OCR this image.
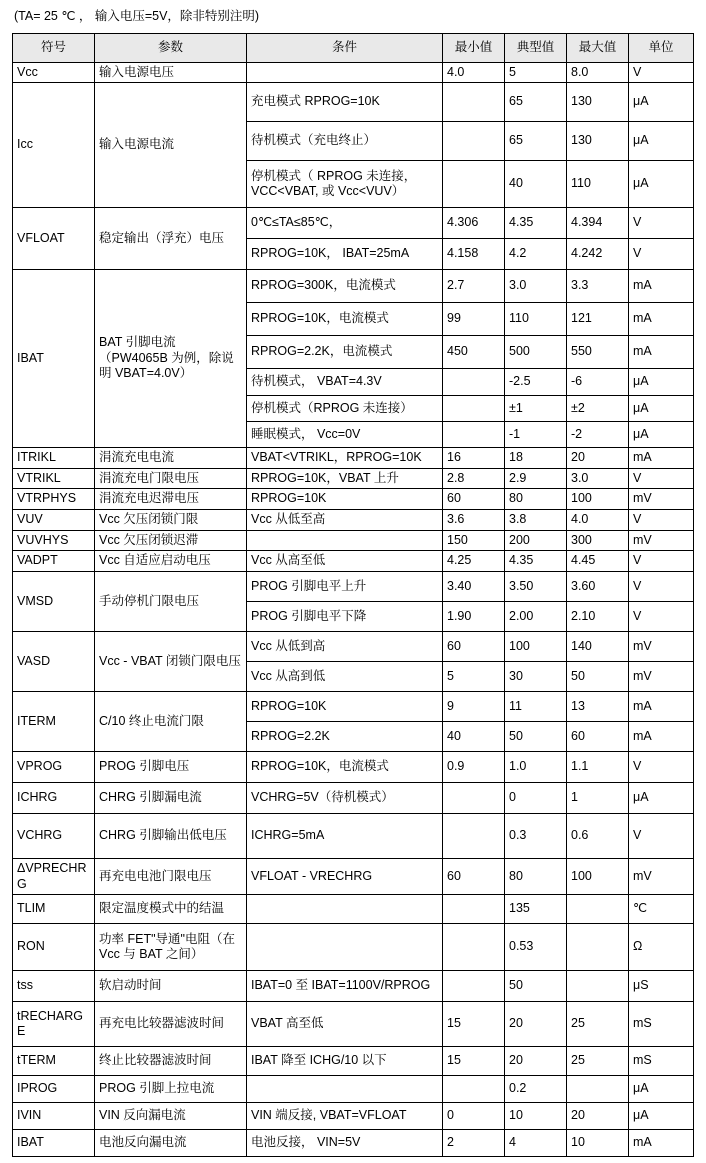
(TA= 25 ℃ ， 输入电压=5V，除非特别注明)

符号	参数	条件	最小值	典型值	最大值	单位
Vcc	输入电源电压		4.0	5	8.0	V
Icc	输入电源电流	充电模式 RPROG=10K		65	130	μA
		待机模式（充电终止）		65	130	μA
		停机模式（ RPROG 未连接，VCC<VBAT, 或 Vcc<VUV）		40	110	μA
VFLOAT	稳定输出（浮充）电压	0℃≤TA≤85℃，	4.306	4.35	4.394	V
		RPROG=10K， IBAT=25mA	4.158	4.2	4.242	V
IBAT	BAT 引脚电流（PW4065B 为例，除说明 VBAT=4.0V）	RPROG=300K，电流模式	2.7	3.0	3.3	mA
		RPROG=10K，电流模式	99	110	121	mA
		RPROG=2.2K，电流模式	450	500	550	mA
		待机模式， VBAT=4.3V		-2.5	-6	μA
		停机模式（RPROG 未连接）		±1	±2	μA
		睡眠模式， Vcc=0V		-1	-2	μA
ITRIKL	涓流充电电流	VBAT<VTRIKL，RPROG=10K	16	18	20	mA
VTRIKL	涓流充电门限电压	RPROG=10K，VBAT 上升	2.8	2.9	3.0	V
VTRPHYS	涓流充电迟滞电压	RPROG=10K	60	80	100	mV
VUV	Vcc 欠压闭锁门限	Vcc 从低至高	3.6	3.8	4.0	V
VUVHYS	Vcc 欠压闭锁迟滞		150	200	300	mV
VADPT	Vcc 自适应启动电压	Vcc 从高至低	4.25	4.35	4.45	V
VMSD	手动停机门限电压	PROG 引脚电平上升	3.40	3.50	3.60	V
		PROG 引脚电平下降	1.90	2.00	2.10	V
VASD	Vcc - VBAT 闭锁门限电压	Vcc 从低到高	60	100	140	mV
		Vcc 从高到低	5	30	50	mV
ITERM	C/10 终止电流门限	RPROG=10K	9	11	13	mA
		RPROG=2.2K	40	50	60	mA
VPROG	PROG 引脚电压	RPROG=10K，电流模式	0.9	1.0	1.1	V
ICHRG	CHRG 引脚漏电流	VCHRG=5V（待机模式）		0	1	μA
VCHRG	CHRG 引脚输出低电压	ICHRG=5mA		0.3	0.6	V
ΔVPRECHRG	再充电电池门限电压	VFLOAT - VRECHRG	60	80	100	mV
TLIM	限定温度模式中的结温			135		℃
RON	功率 FET"导通"电阻（在 Vcc 与 BAT 之间）			0.53		Ω
tss	软启动时间	IBAT=0 至 IBAT=1100V/RPROG		50		μS
tRECHARGE	再充电比较器滤波时间	VBAT 高至低	15	20	25	mS
tTERM	终止比较器滤波时间	IBAT 降至 ICHG/10 以下	15	20	25	mS
IPROG	PROG 引脚上拉电流			0.2		μA
IVIN	VIN 反向漏电流	VIN 端反接, VBAT=VFLOAT	0	10	20	μA
IBAT	电池反向漏电流	电池反接， VIN=5V	2	4	10	mA
